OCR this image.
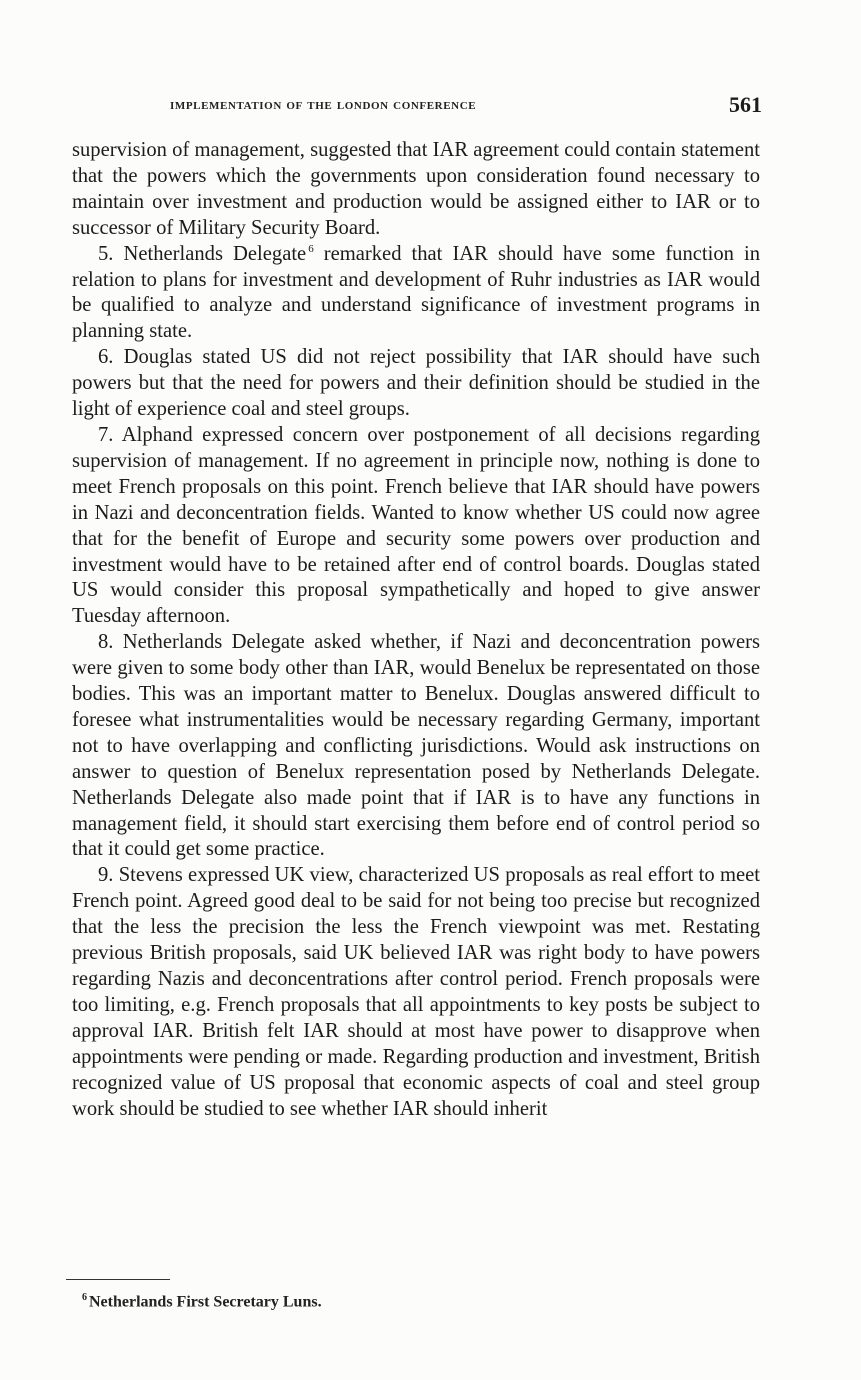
implementation of the london conference	561

supervision of management, suggested that IAR agreement could contain statement that the powers which the governments upon consideration found necessary to maintain over investment and production would be assigned either to IAR or to successor of Military Security Board.

5. Netherlands Delegate $^6$ remarked that IAR should have some function in relation to plans for investment and development of Ruhr industries as IAR would be qualified to analyze and understand significance of investment programs in planning state.

6. Douglas stated US did not reject possibility that IAR should have such powers but that the need for powers and their definition should be studied in the light of experience coal and steel groups.

7. Alphand expressed concern over postponement of all decisions regarding supervision of management. If no agreement in principle now, nothing is done to meet French proposals on this point. French believe that IAR should have powers in Nazi and deconcentration fields. Wanted to know whether US could now agree that for the benefit of Europe and security some powers over production and investment would have to be retained after end of control boards. Douglas stated US would consider this proposal sympathetically and hoped to give answer Tuesday afternoon.

8. Netherlands Delegate asked whether, if Nazi and deconcentration powers were given to some body other than IAR, would Benelux be representated on those bodies. This was an important matter to Benelux. Douglas answered difficult to foresee what instrumentalities would be necessary regarding Germany, important not to have overlapping and conflicting jurisdictions. Would ask instructions on answer to question of Benelux representation posed by Netherlands Delegate. Netherlands Delegate also made point that if IAR is to have any functions in management field, it should start exercising them before end of control period so that it could get some practice.

9. Stevens expressed UK view, characterized US proposals as real effort to meet French point. Agreed good deal to be said for not being too precise but recognized that the less the precision the less the French viewpoint was met. Restating previous British proposals, said UK believed IAR was right body to have powers regarding Nazis and deconcentrations after control period. French proposals were too limiting, e.g. French proposals that all appointments to key posts be subject to approval IAR. British felt IAR should at most have power to disapprove when appointments were pending or made. Regarding production and investment, British recognized value of US proposal that economic aspects of coal and steel group work should be studied to see whether IAR should inherit

$^6$ Netherlands First Secretary Luns.
